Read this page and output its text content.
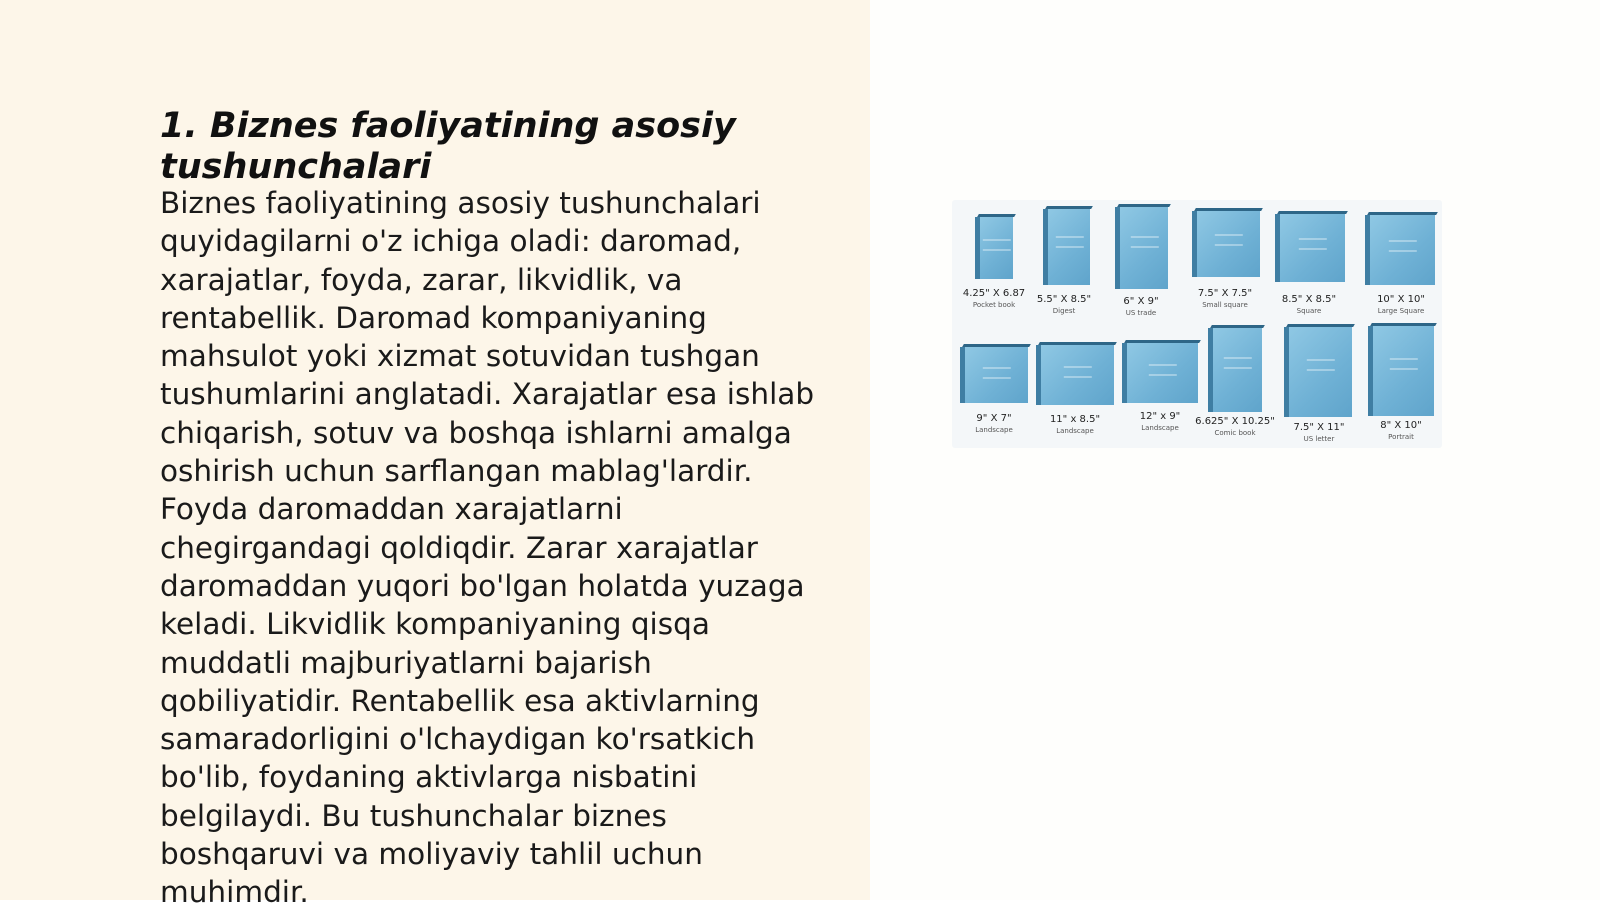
1. Biznes faoliyatining asosiy tushunchalari

Biznes faoliyatining asosiy tushunchalari quyidagilarni o'z ichiga oladi: daromad, xarajatlar, foyda, zarar, likvidlik, va rentabellik. Daromad kompaniyaning mahsulot yoki xizmat sotuvidan tushgan tushumlarini anglatadi. Xarajatlar esa ishlab chiqarish, sotuv va boshqa ishlarni amalga oshirish uchun sarflangan mablag'lardir. Foyda daromaddan xarajatlarni chegirgandagi qoldiqdir. Zarar xarajatlar daromaddan yuqori bo'lgan holatda yuzaga keladi. Likvidlik kompaniyaning qisqa muddatli majburiyatlarni bajarish qobiliyatidir. Rentabellik esa aktivlarning samaradorligini o'lchaydigan ko'rsatkich bo'lib, foydaning aktivlarga nisbatini belgilaydi. Bu tushunchalar biznes boshqaruvi va moliyaviy tahlil uchun muhimdir.

4.25" X 6.87
Pocket book	5.5" X 8.5"
Digest
6" X 9"
US trade
7.5" X 7.5"
Small square	8.5" X 8.5"
Square
10" X 10"
Large Square
9" X 7"
Landscape
11" x 8.5"
Landscape
12" x 9"
Landscape
6.625" X 10.25"
Comic book	7.5" X 11"
US letter
8" X 10"
Portrait
